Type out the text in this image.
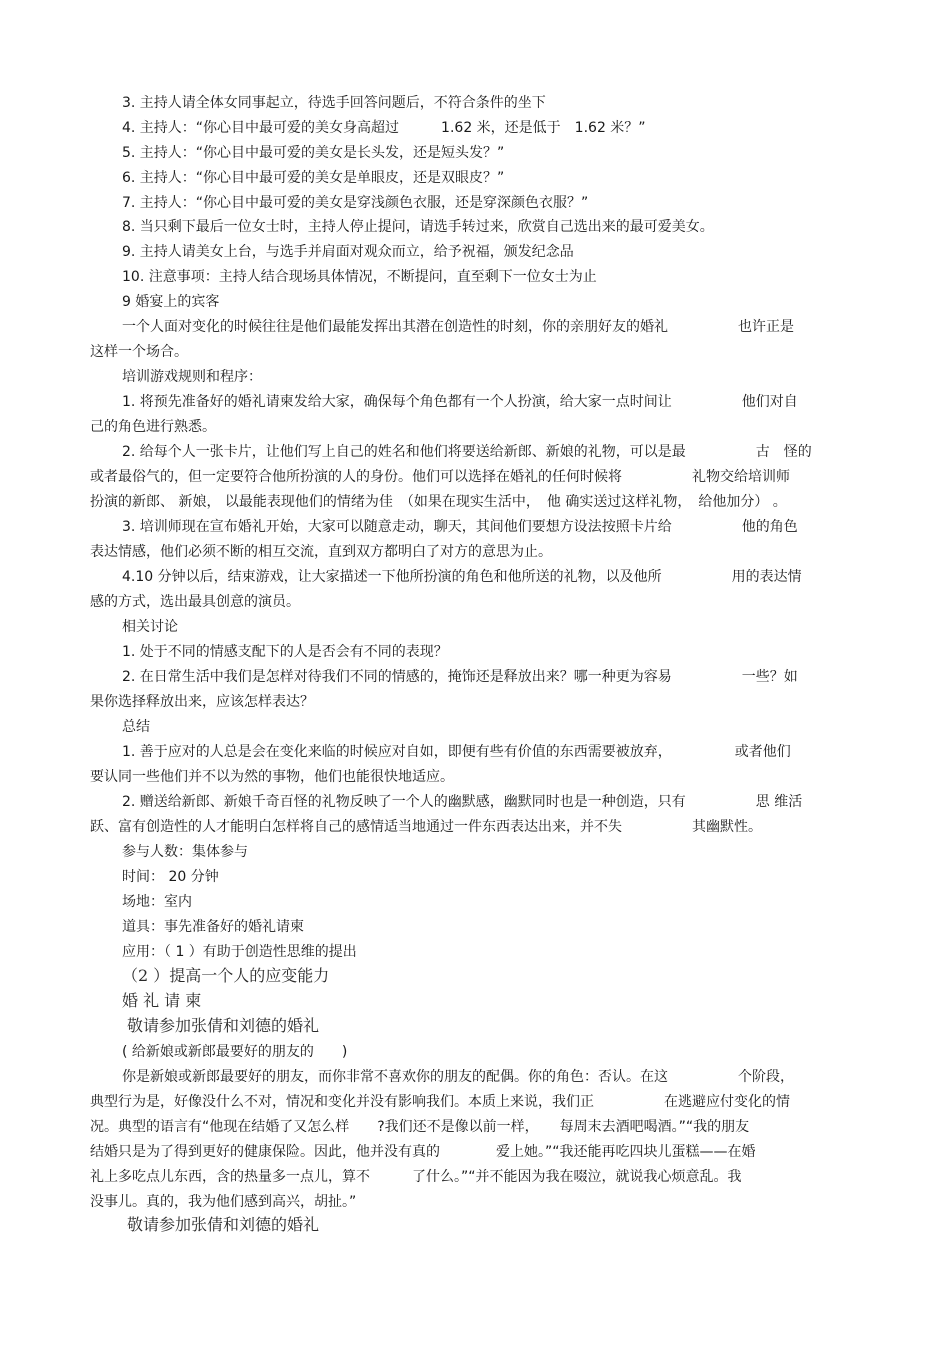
3. 主持人请全体女同事起立，待选手回答问题后，不符合条件的坐下
4. 主持人：“你心目中最可爱的美女身高超过　　　1.62 米，还是低于　1.62 米？”
5. 主持人：“你心目中最可爱的美女是长头发，还是短头发？”
6. 主持人：“你心目中最可爱的美女是单眼皮，还是双眼皮？”
7. 主持人：“你心目中最可爱的美女是穿浅颜色衣服，还是穿深颜色衣服？”
8. 当只剩下最后一位女士时，主持人停止提问，请选手转过来，欣赏自己选出来的最可爱美女。
9. 主持人请美女上台，与选手并肩面对观众而立，给予祝福，颁发纪念品
10. 注意事项：主持人结合现场具体情况，不断提问，直至剩下一位女士为止
9 婚宴上的宾客
一个人面对变化的时候往往是他们最能发挥出其潜在创造性的时刻，你的亲朋好友的婚礼　　　　　也许正是
这样一个场合。
培训游戏规则和程序：
1. 将预先准备好的婚礼请柬发给大家，确保每个角色都有一个人扮演，给大家一点时间让　　　　　他们对自
己的角色进行熟悉。
2. 给每个人一张卡片，让他们写上自己的姓名和他们将要送给新郎、新娘的礼物，可以是最　　　　　古　怪的
或者最俗气的，但一定要符合他所扮演的人的身份。他们可以选择在婚礼的任何时候将　　　　　礼物交给培训师
扮演的新郎、 新娘， 以最能表现他们的情绪为佳　（如果在现实生活中，　他 确实送过这样礼物，　给他加分） 。
3. 培训师现在宣布婚礼开始，大家可以随意走动，聊天，其间他们要想方设法按照卡片给　　　　　他的角色
表达情感，他们必须不断的相互交流，直到双方都明白了对方的意思为止。
4.10 分钟以后，结束游戏，让大家描述一下他所扮演的角色和他所送的礼物，以及他所　　　　　用的表达情
感的方式，选出最具创意的演员。
相关讨论
1. 处于不同的情感支配下的人是否会有不同的表现？
2. 在日常生活中我们是怎样对待我们不同的情感的，掩饰还是释放出来？哪一种更为容易　　　　　一些？如
果你选择释放出来，应该怎样表达？
总结
1. 善于应对的人总是会在变化来临的时候应对自如，即便有些有价值的东西需要被放弃，　　　　　或者他们
要认同一些他们并不以为然的事物，他们也能很快地适应。
2. 赠送给新郎、新娘千奇百怪的礼物反映了一个人的幽默感，幽默同时也是一种创造，只有　　　　　思 维活
跃、富有创造性的人才能明白怎样将自己的感情适当地通过一件东西表达出来，并不失　　　　　其幽默性。
参与人数：集体参与
时间： 20 分钟
场地：室内
道具：事先准备好的婚礼请柬
应用：（ 1 ）有助于创造性思维的提出
（2 ）提高一个人的应变能力
婚 礼 请 柬
敬请参加张倩和刘德的婚礼
( 给新娘或新郎最要好的朋友的　　)
你是新娘或新郎最要好的朋友，而你非常不喜欢你的朋友的配偶。你的角色：否认。在这　　　　　个阶段，
典型行为是，好像没什么不对，情况和变化并没有影响我们。本质上来说，我们正　　　　　在逃避应付变化的情
况。典型的语言有“他现在结婚了又怎么样　　?我们还不是像以前一样，　　每周末去酒吧喝酒。”“我的朋友
结婚只是为了得到更好的健康保险。因此，他并没有真的　　　　爱上她。”“我还能再吃四块儿蛋糕——在婚
礼上多吃点儿东西，含的热量多一点儿，算不　　　了什么。”“并不能因为我在啜泣，就说我心烦意乱。我
没事儿。真的，我为他们感到高兴，胡扯。”
敬请参加张倩和刘德的婚礼
